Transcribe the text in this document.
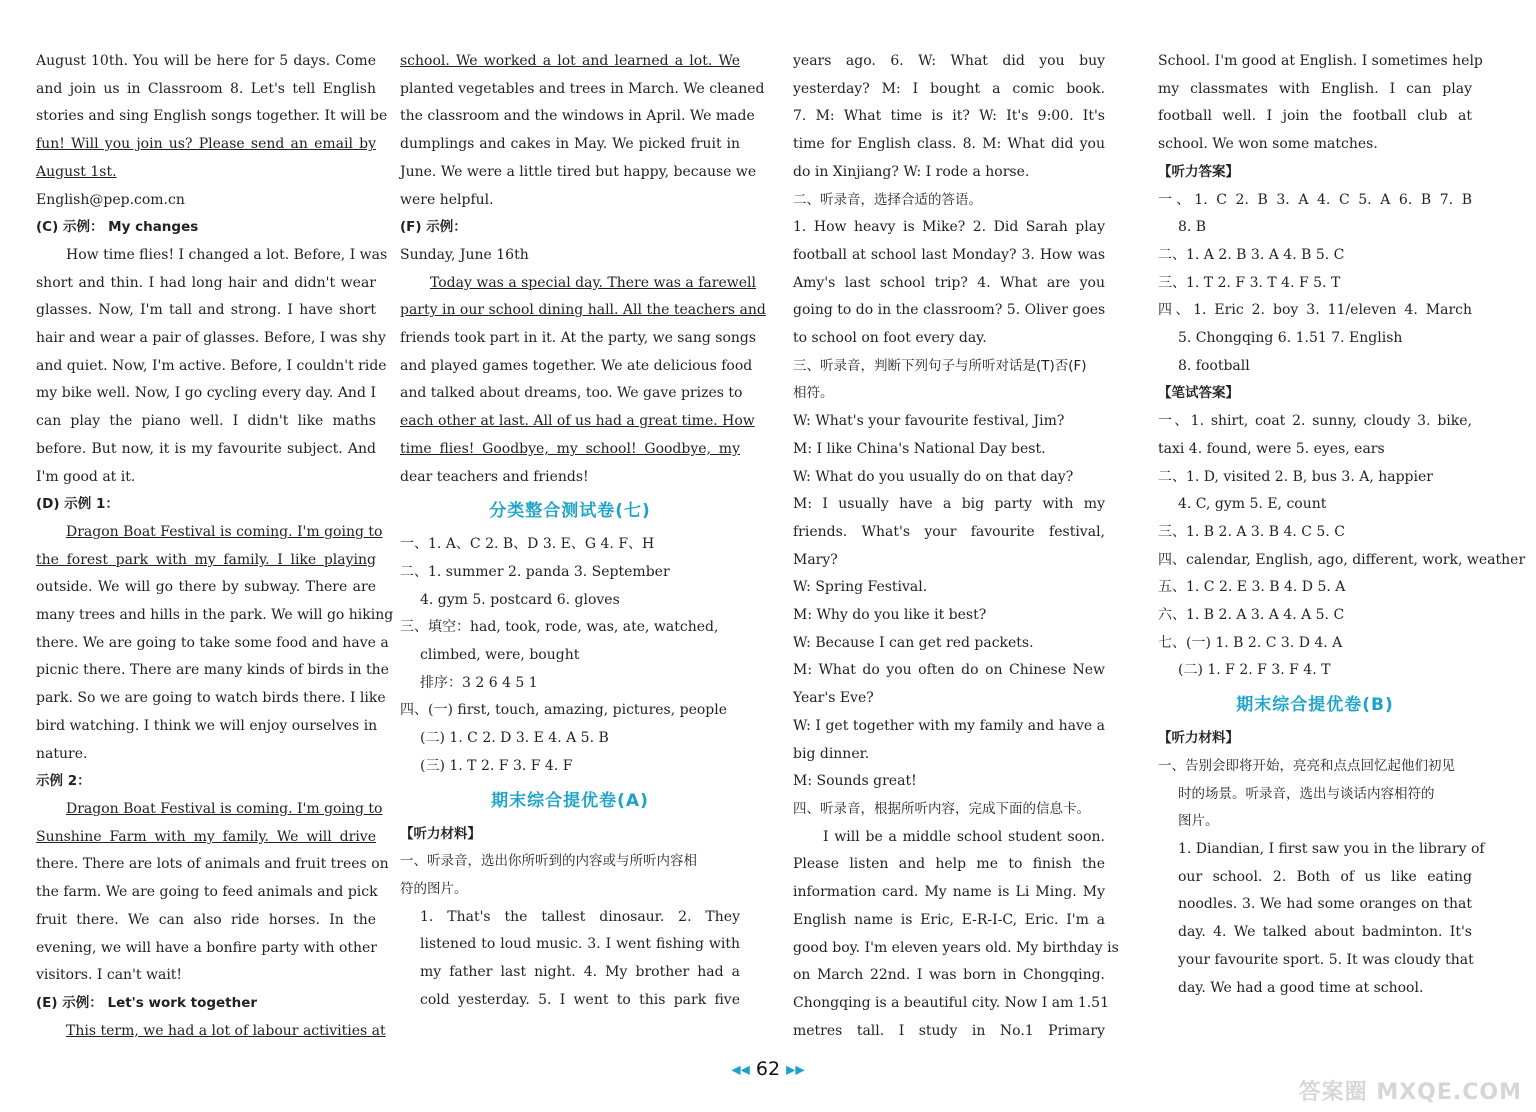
August 10th. You will be here for 5 days. Come
and join us in Classroom 8. Let's tell English
stories and sing English songs together. It will be
fun! Will you join us? Please send an email by
August 1st.
English@pep.com.cn
(C) 示例： My changes
How time flies! I changed a lot. Before, I was
short and thin. I had long hair and didn't wear
glasses. Now, I'm tall and strong. I have short
hair and wear a pair of glasses. Before, I was shy
and quiet. Now, I'm active. Before, I couldn't ride
my bike well. Now, I go cycling every day. And I
can play the piano well. I didn't like maths
before. But now, it is my favourite subject. And
I'm good at it.
(D) 示例 1：
Dragon Boat Festival is coming. I'm going to
the forest park with my family. I like playing
outside. We will go there by subway. There are
many trees and hills in the park. We will go hiking
there. We are going to take some food and have a
picnic there. There are many kinds of birds in the
park. So we are going to watch birds there. I like
bird watching. I think we will enjoy ourselves in
nature.
示例 2：
Dragon Boat Festival is coming. I'm going to
Sunshine Farm with my family. We will drive
there. There are lots of animals and fruit trees on
the farm. We are going to feed animals and pick
fruit there. We can also ride horses. In the
evening, we will have a bonfire party with other
visitors. I can't wait!
(E) 示例： Let's work together
This term, we had a lot of labour activities at
school. We worked a lot and learned a lot. We
planted vegetables and trees in March. We cleaned
the classroom and the windows in April. We made
dumplings and cakes in May. We picked fruit in
June. We were a little tired but happy, because we
were helpful.
(F) 示例：
Sunday, June 16th
Today was a special day. There was a farewell
party in our school dining hall. All the teachers and
friends took part in it. At the party, we sang songs
and played games together. We ate delicious food
and talked about dreams, too. We gave prizes to
each other at last. All of us had a great time. How
time flies! Goodbye, my school! Goodbye, my
dear teachers and friends!
分类整合测试卷(七)
一、1. A、C 2. B、D 3. E、G 4. F、H
二、1. summer 2. panda 3. September
4. gym 5. postcard 6. gloves
三、填空：had, took, rode, was, ate, watched,
climbed, were, bought
排序：3 2 6 4 5 1
四、(一) first, touch, amazing, pictures, people
(二) 1. C 2. D 3. E 4. A 5. B
(三) 1. T 2. F 3. F 4. F
期末综合提优卷(A)
【听力材料】
一、听录音，选出你所听到的内容或与所听内容相
符的图片。
1. That's the tallest dinosaur. 2. They
listened to loud music. 3. I went fishing with
my father last night. 4. My brother had a
cold yesterday. 5. I went to this park five
years ago. 6. W: What did you buy
yesterday? M: I bought a comic book.
7. M: What time is it? W: It's 9:00. It's
time for English class. 8. M: What did you
do in Xinjiang? W: I rode a horse.
二、听录音，选择合适的答语。
1. How heavy is Mike? 2. Did Sarah play
football at school last Monday? 3. How was
Amy's last school trip? 4. What are you
going to do in the classroom? 5. Oliver goes
to school on foot every day.
三、听录音，判断下列句子与所听对话是(T)否(F)
相符。
W: What's your favourite festival, Jim?
M: I like China's National Day best.
W: What do you usually do on that day?
M: I usually have a big party with my
friends. What's your favourite festival,
Mary?
W: Spring Festival.
M: Why do you like it best?
W: Because I can get red packets.
M: What do you often do on Chinese New
Year's Eve?
W: I get together with my family and have a
big dinner.
M: Sounds great!
四、听录音，根据所听内容，完成下面的信息卡。
I will be a middle school student soon.
Please listen and help me to finish the
information card. My name is Li Ming. My
English name is Eric, E-R-I-C, Eric. I'm a
good boy. I'm eleven years old. My birthday is
on March 22nd. I was born in Chongqing.
Chongqing is a beautiful city. Now I am 1.51
metres tall. I study in No.1 Primary
School. I'm good at English. I sometimes help
my classmates with English. I can play
football well. I join the football club at
school. We won some matches.
【听力答案】
一、1. C 2. B 3. A 4. C 5. A 6. B 7. B
8. B
二、1. A 2. B 3. A 4. B 5. C
三、1. T 2. F 3. T 4. F 5. T
四、1. Eric 2. boy 3. 11/eleven 4. March
5. Chongqing 6. 1.51 7. English
8. football
【笔试答案】
一、1. shirt, coat 2. sunny, cloudy 3. bike,
taxi 4. found, were 5. eyes, ears
二、1. D, visited 2. B, bus 3. A, happier
4. C, gym 5. E, count
三、1. B 2. A 3. B 4. C 5. C
四、calendar, English, ago, different, work, weather
五、1. C 2. E 3. B 4. D 5. A
六、1. B 2. A 3. A 4. A 5. C
七、(一) 1. B 2. C 3. D 4. A
(二) 1. F 2. F 3. F 4. T
期末综合提优卷(B)
【听力材料】
一、告别会即将开始，亮亮和点点回忆起他们初见
时的场景。听录音，选出与谈话内容相符的
图片。
1. Diandian, I first saw you in the library of
our school. 2. Both of us like eating
noodles. 3. We had some oranges on that
day. 4. We talked about badminton. It's
your favourite sport. 5. It was cloudy that
day. We had a good time at school.
◀◀ 62 ▶▶
答案圈 MXQE.COM
